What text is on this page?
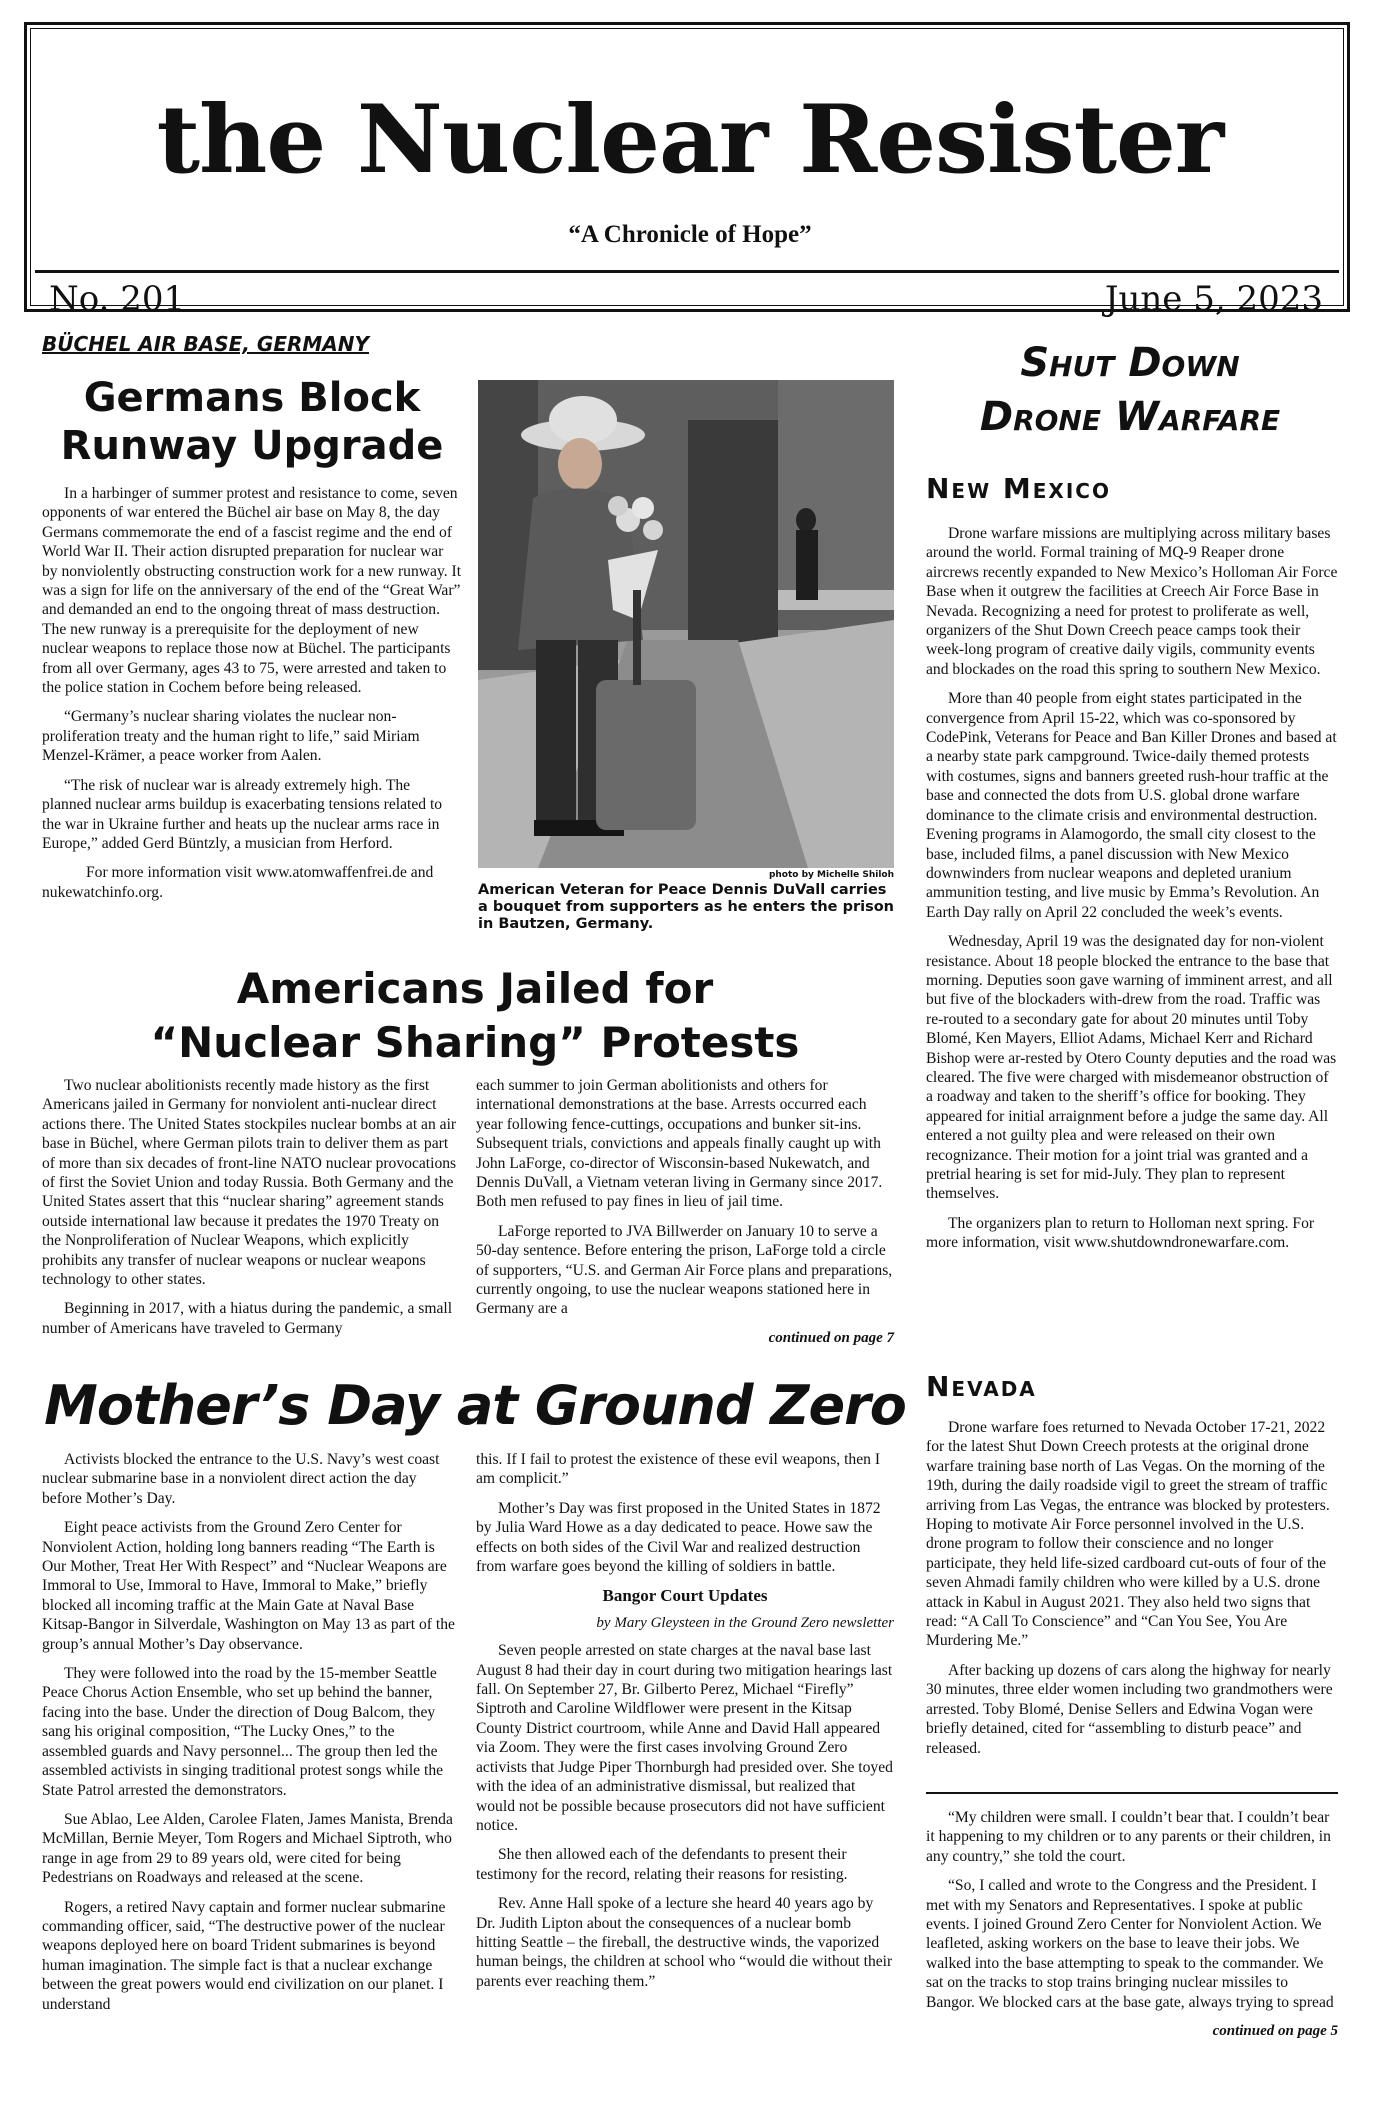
the Nuclear Resister
“A Chronicle of Hope”
No. 201	June 5, 2023
BÜCHEL AIR BASE, GERMANY
Germans Block
Runway Upgrade

In a harbinger of summer protest and resistance to come, seven opponents of war entered the Büchel air base on May 8, the day Germans commemorate the end of a fascist regime and the end of World War II. Their action disrupted preparation for nuclear war by nonviolently obstructing construction work for a new runway. It was a sign for life on the anniversary of the end of the “Great War” and demanded an end to the ongoing threat of mass destruction. The new runway is a prerequisite for the deployment of new nuclear weapons to replace those now at Büchel. The participants from all over Germany, ages 43 to 75, were arrested and taken to the police station in Cochem before being released.

“Germany’s nuclear sharing violates the nuclear non-proliferation treaty and the human right to life,” said Miriam Menzel-Krämer, a peace worker from Aalen.

“The risk of nuclear war is already extremely high. The planned nuclear arms buildup is exacerbating tensions related to the war in Ukraine further and heats up the nuclear arms race in Europe,” added Gerd Büntzly, a musician from Herford.

For more information visit www.atomwaffenfrei.de and nukewatchinfo.org.

photo by Michelle Shiloh
American Veteran for Peace Dennis DuVall carries a bouquet from supporters as he enters the prison in Bautzen, Germany.
Americans Jailed for
“Nuclear Sharing” Protests

Two nuclear abolitionists recently made history as the first Americans jailed in Germany for nonviolent anti-nuclear direct actions there. The United States stockpiles nuclear bombs at an air base in Büchel, where German pilots train to deliver them as part of more than six decades of front-line NATO nuclear provocations of first the Soviet Union and today Russia. Both Germany and the United States assert that this “nuclear sharing” agreement stands outside international law because it predates the 1970 Treaty on the Nonproliferation of Nuclear Weapons, which explicitly prohibits any transfer of nuclear weapons or nuclear weapons technology to other states.

Beginning in 2017, with a hiatus during the pandemic, a small number of Americans have traveled to Germany

each summer to join German abolitionists and others for international demonstrations at the base. Arrests occurred each year following fence-cuttings, occupations and bunker sit-ins. Subsequent trials, convictions and appeals finally caught up with John LaForge, co-director of Wisconsin-based Nukewatch, and Dennis DuVall, a Vietnam veteran living in Germany since 2017. Both men refused to pay fines in lieu of jail time.

LaForge reported to JVA Billwerder on January 10 to serve a 50-day sentence. Before entering the prison, LaForge told a circle of supporters, “U.S. and German Air Force plans and preparations, currently ongoing, to use the nuclear weapons stationed here in Germany are a

continued on page 7
Mother’s Day at Ground Zero

Activists blocked the entrance to the U.S. Navy’s west coast nuclear submarine base in a nonviolent direct action the day before Mother’s Day.

Eight peace activists from the Ground Zero Center for Nonviolent Action, holding long banners reading “The Earth is Our Mother, Treat Her With Respect” and “Nuclear Weapons are Immoral to Use, Immoral to Have, Immoral to Make,” briefly blocked all incoming traffic at the Main Gate at Naval Base Kitsap-Bangor in Silverdale, Washington on May 13 as part of the group’s annual Mother’s Day observance.

They were followed into the road by the 15-member Seattle Peace Chorus Action Ensemble, who set up behind the banner, facing into the base. Under the direction of Doug Balcom, they sang his original composition, “The Lucky Ones,” to the assembled guards and Navy personnel... The group then led the assembled activists in singing traditional protest songs while the State Patrol arrested the demonstrators.

Sue Ablao, Lee Alden, Carolee Flaten, James Manista, Brenda McMillan, Bernie Meyer, Tom Rogers and Michael Siptroth, who range in age from 29 to 89 years old, were cited for being Pedestrians on Roadways and released at the scene.

Rogers, a retired Navy captain and former nuclear submarine commanding officer, said, “The destructive power of the nuclear weapons deployed here on board Trident submarines is beyond human imagination. The simple fact is that a nuclear exchange between the great powers would end civilization on our planet. I understand

this. If I fail to protest the existence of these evil weapons, then I am complicit.”

Mother’s Day was first proposed in the United States in 1872 by Julia Ward Howe as a day dedicated to peace. Howe saw the effects on both sides of the Civil War and realized destruction from warfare goes beyond the killing of soldiers in battle.

Bangor Court Updates
by Mary Gleysteen in the Ground Zero newsletter

Seven people arrested on state charges at the naval base last August 8 had their day in court during two mitigation hearings last fall. On September 27, Br. Gilberto Perez, Michael “Firefly” Siptroth and Caroline Wildflower were present in the Kitsap County District courtroom, while Anne and David Hall appeared via Zoom. They were the first cases involving Ground Zero activists that Judge Piper Thornburgh had presided over. She toyed with the idea of an administrative dismissal, but realized that would not be possible because prosecutors did not have sufficient notice.

She then allowed each of the defendants to present their testimony for the record, relating their reasons for resisting.

Rev. Anne Hall spoke of a lecture she heard 40 years ago by Dr. Judith Lipton about the consequences of a nuclear bomb hitting Seattle – the fireball, the destructive winds, the vaporized human beings, the children at school who “would die without their parents ever reaching them.”

Shut Down
Drone Warfare
New Mexico

Drone warfare missions are multiplying across military bases around the world. Formal training of MQ-9 Reaper drone aircrews recently expanded to New Mexico’s Holloman Air Force Base when it outgrew the facilities at Creech Air Force Base in Nevada. Recognizing a need for protest to proliferate as well, organizers of the Shut Down Creech peace camps took their week-long program of creative daily vigils, community events and blockades on the road this spring to southern New Mexico.

More than 40 people from eight states participated in the convergence from April 15-22, which was co-sponsored by CodePink, Veterans for Peace and Ban Killer Drones and based at a nearby state park campground. Twice-daily themed protests with costumes, signs and banners greeted rush-hour traffic at the base and connected the dots from U.S. global drone warfare dominance to the climate crisis and environmental destruction. Evening programs in Alamogordo, the small city closest to the base, included films, a panel discussion with New Mexico downwinders from nuclear weapons and depleted uranium ammunition testing, and live music by Emma’s Revolution. An Earth Day rally on April 22 concluded the week’s events.

Wednesday, April 19 was the designated day for non-violent resistance. About 18 people blocked the entrance to the base that morning. Deputies soon gave warning of imminent arrest, and all but five of the blockaders with-drew from the road. Traffic was re-routed to a secondary gate for about 20 minutes until Toby Blomé, Ken Mayers, Elliot Adams, Michael Kerr and Richard Bishop were ar-rested by Otero County deputies and the road was cleared. The five were charged with misdemeanor obstruction of a roadway and taken to the sheriff’s office for booking. They appeared for initial arraignment before a judge the same day. All entered a not guilty plea and were released on their own recognizance. Their motion for a joint trial was granted and a pretrial hearing is set for mid-July. They plan to represent themselves.

The organizers plan to return to Holloman next spring. For more information, visit www.shutdowndronewarfare.com.

Nevada

Drone warfare foes returned to Nevada October 17-21, 2022 for the latest Shut Down Creech protests at the original drone warfare training base north of Las Vegas. On the morning of the 19th, during the daily roadside vigil to greet the stream of traffic arriving from Las Vegas, the entrance was blocked by protesters. Hoping to motivate Air Force personnel involved in the U.S. drone program to follow their conscience and no longer participate, they held life-sized cardboard cut-outs of four of the seven Ahmadi family children who were killed by a U.S. drone attack in Kabul in August 2021. They also held two signs that read: “A Call To Conscience” and “Can You See, You Are Murdering Me.”

After backing up dozens of cars along the highway for nearly 30 minutes, three elder women including two grandmothers were arrested. Toby Blomé, Denise Sellers and Edwina Vogan were briefly detained, cited for “assembling to disturb peace” and released.

“My children were small. I couldn’t bear that. I couldn’t bear it happening to my children or to any parents or their children, in any country,” she told the court.

“So, I called and wrote to the Congress and the President. I met with my Senators and Representatives. I spoke at public events. I joined Ground Zero Center for Nonviolent Action. We leafleted, asking workers on the base to leave their jobs. We walked into the base attempting to speak to the commander. We sat on the tracks to stop trains bringing nuclear missiles to Bangor. We blocked cars at the base gate, always trying to spread

continued on page 5
